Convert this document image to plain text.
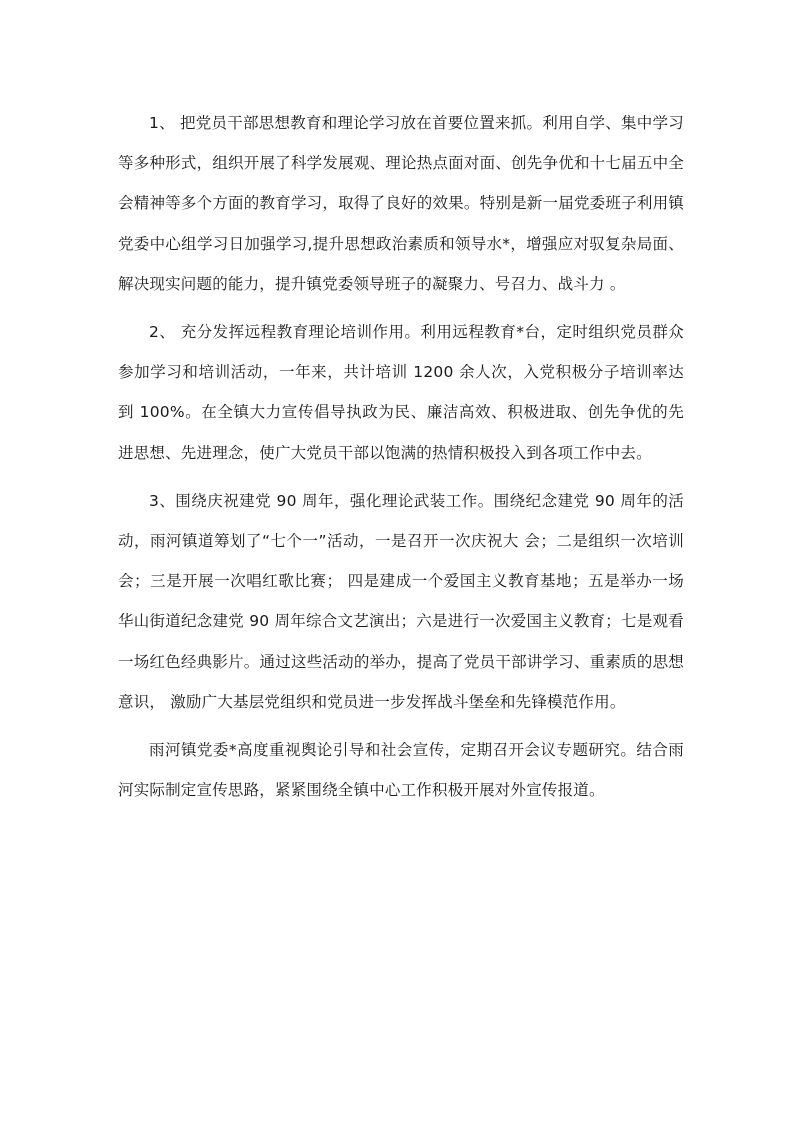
1、 把党员干部思想教育和理论学习放在首要位置来抓。利用自学、集中学习等多种形式，组织开展了科学发展观、理论热点面对面、创先争优和十七届五中全会精神等多个方面的教育学习，取得了良好的效果。特别是新一届党委班子利用镇党委中心组学习日加强学习,提升思想政治素质和领导水*，增强应对驭复杂局面、解决现实问题的能力，提升镇党委领导班子的凝聚力、号召力、战斗力 。

2、 充分发挥远程教育理论培训作用。利用远程教育*台，定时组织党员群众参加学习和培训活动，一年来，共计培训 1200 余人次，入党积极分子培训率达到 100%。在全镇大力宣传倡导执政为民、廉洁高效、积极进取、创先争优的先进思想、先进理念，使广大党员干部以饱满的热情积极投入到各项工作中去。

3、围绕庆祝建党 90 周年，强化理论武装工作。围绕纪念建党 90 周年的活动，雨河镇道筹划了“七个一”活动，一是召开一次庆祝大 会；二是组织一次培训会；三是开展一次唱红歌比赛； 四是建成一个爱国主义教育基地；五是举办一场华山街道纪念建党 90 周年综合文艺演出；六是进行一次爱国主义教育；七是观看一场红色经典影片。通过这些活动的举办，提高了党员干部讲学习、重素质的思想意识， 激励广大基层党组织和党员进一步发挥战斗堡垒和先锋模范作用。

雨河镇党委*高度重视舆论引导和社会宣传，定期召开会议专题研究。结合雨河实际制定宣传思路，紧紧围绕全镇中心工作积极开展对外宣传报道。
